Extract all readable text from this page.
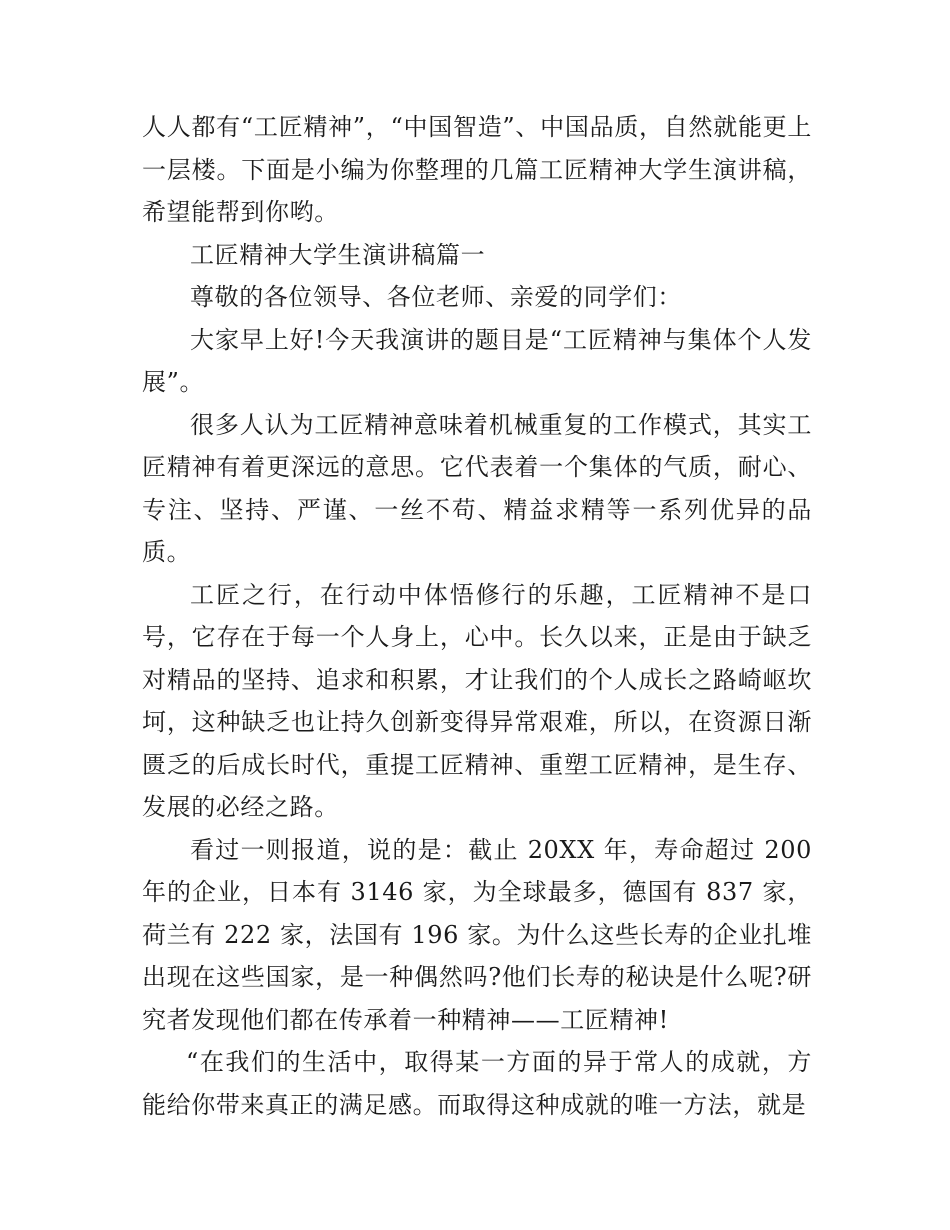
人人都有“工匠精神”，“中国智造”、中国品质，自然就能更上一层楼。下面是小编为你整理的几篇工匠精神大学生演讲稿，希望能帮到你哟。

工匠精神大学生演讲稿篇一

尊敬的各位领导、各位老师、亲爱的同学们：

大家早上好!今天我演讲的题目是“工匠精神与集体个人发展”。

很多人认为工匠精神意味着机械重复的工作模式，其实工匠精神有着更深远的意思。它代表着一个集体的气质，耐心、专注、坚持、严谨、一丝不苟、精益求精等一系列优异的品质。

工匠之行，在行动中体悟修行的乐趣，工匠精神不是口号，它存在于每一个人身上，心中。长久以来，正是由于缺乏对精品的坚持、追求和积累，才让我们的个人成长之路崎岖坎坷，这种缺乏也让持久创新变得异常艰难，所以，在资源日渐匮乏的后成长时代，重提工匠精神、重塑工匠精神，是生存、发展的必经之路。

看过一则报道，说的是：截止 20XX 年，寿命超过 200 年的企业，日本有 3146 家，为全球最多，德国有 837 家，荷兰有 222 家，法国有 196 家。为什么这些长寿的企业扎堆出现在这些国家，是一种偶然吗?他们长寿的秘诀是什么呢?研究者发现他们都在传承着一种精神——工匠精神!

“在我们的生活中，取得某一方面的异于常人的成就，方能给你带来真正的满足感。而取得这种成就的唯一方法，就是
